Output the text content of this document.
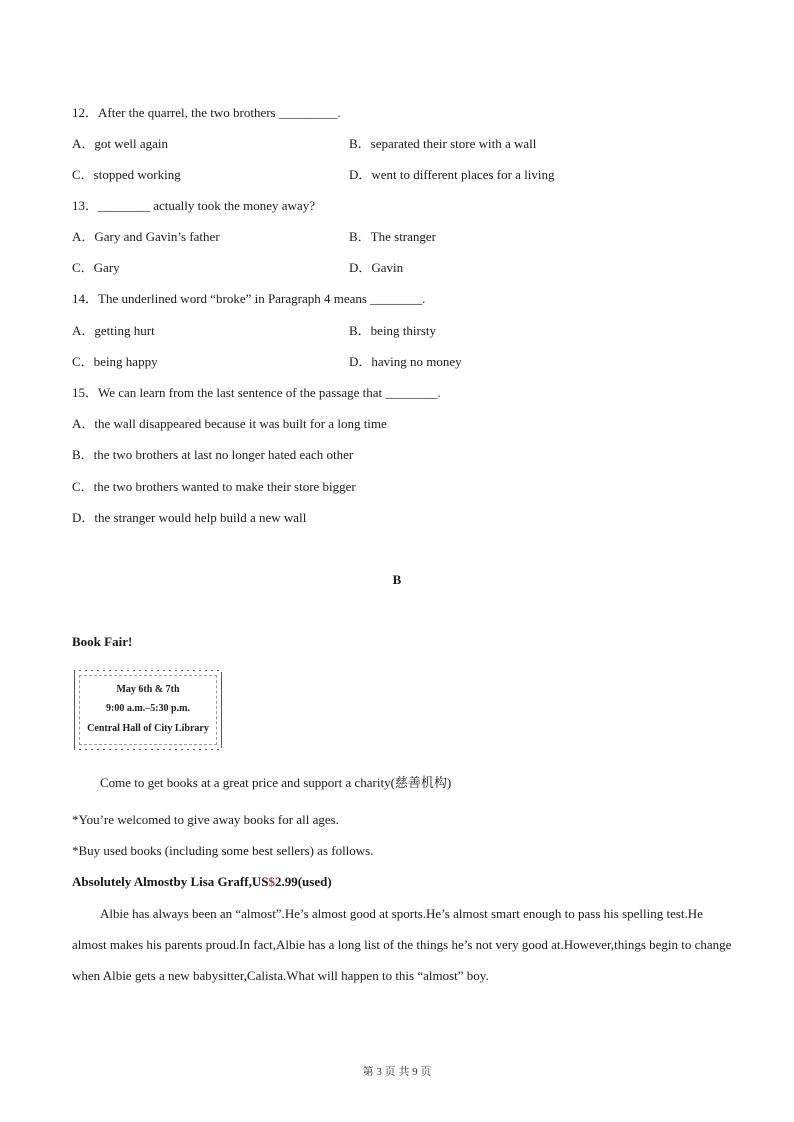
12．After the quarrel, the two brothers _________.
A．got well again	B．separated their store with a wall
C．stopped working	D．went to different places for a living
13．________ actually took the money away?
A．Gary and Gavin’s father	B．The stranger
C．Gary	D．Gavin
14．The underlined word “broke” in Paragraph 4 means ________.
A．getting hurt	B．being thirsty
C．being happy	D．having no money
15．We can learn from the last sentence of the passage that ________.
A．the wall disappeared because it was built for a long time
B．the two brothers at last no longer hated each other
C．the two brothers wanted to make their store bigger
D．the stranger would help build a new wall
B
Book Fair!
May 6th & 7th
9:00 a.m.–5:30 p.m.
Central Hall of City Library
Come to get books at a great price and support a charity(慈善机构)
*You’re welcomed to give away books for all ages.
*Buy used books (including some best sellers) as follows.
Absolutely Almostby Lisa Graff,US$2.99(used)
Albie has always been an “almost”.He’s almost good at sports.He’s almost smart enough to pass his spelling test.He almost makes his parents proud.In fact,Albie has a long list of the things he’s not very good at.However,things begin to change when Albie gets a new babysitter,Calista.What will happen to this “almost” boy.
第 3 页 共 9 页
